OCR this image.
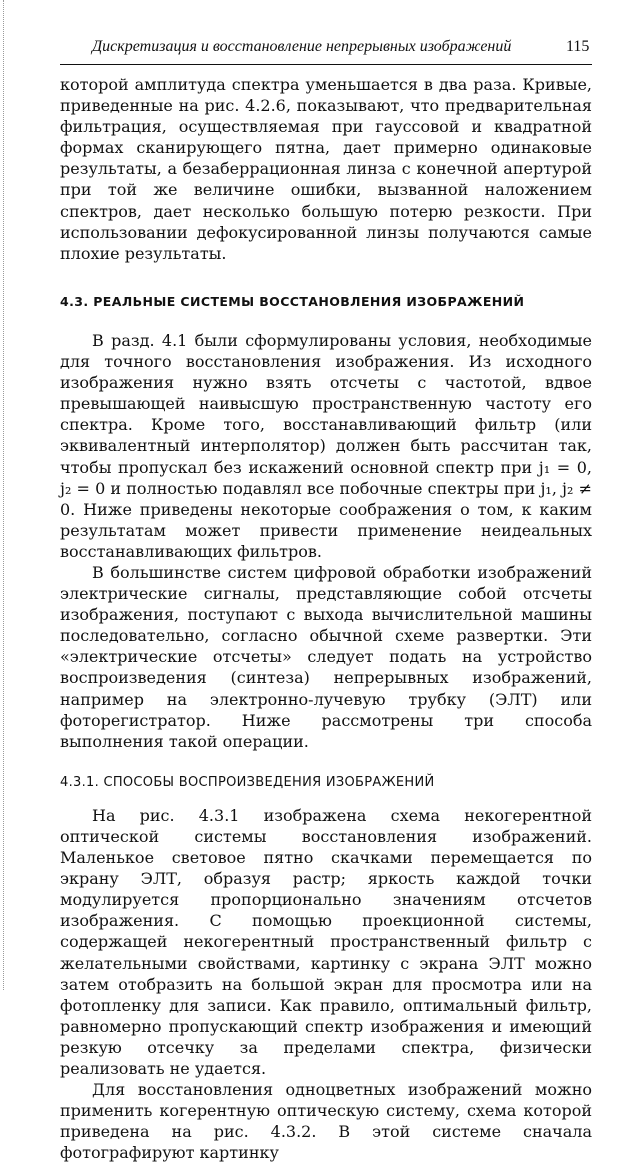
Дискретизация и восстановление непрерывных изображений	115

которой амплитуда спектра уменьшается в два раза. Кривые, приведенные на рис. 4.2.6, показывают, что предварительная фильтрация, осуществляемая при гауссовой и квадратной формах сканирующего пятна, дает примерно одинаковые результаты, а безаберрационная линза с конечной апертурой при той же величине ошибки, вызванной наложением спектров, дает несколько большую потерю резкости. При использовании дефокусированной линзы получаются самые плохие результаты.

4.3. РЕАЛЬНЫЕ СИСТЕМЫ ВОССТАНОВЛЕНИЯ ИЗОБРАЖЕНИЙ

В разд. 4.1 были сформулированы условия, необходимые для точного восстановления изображения. Из исходного изображения нужно взять отсчеты с частотой, вдвое превышающей наивысшую пространственную частоту его спектра. Кроме того, восстанавливающий фильтр (или эквивалентный интерполятор) должен быть рассчитан так, чтобы пропускал без искажений основной спектр при j₁ = 0, j₂ = 0 и полностью подавлял все побочные спектры при j₁, j₂ ≠ 0. Ниже приведены некоторые соображения о том, к каким результатам может привести применение неидеальных восстанавливающих фильтров.

В большинстве систем цифровой обработки изображений электрические сигналы, представляющие собой отсчеты изображения, поступают с выхода вычислительной машины последовательно, согласно обычной схеме развертки. Эти «электрические отсчеты» следует подать на устройство воспроизведения (синтеза) непрерывных изображений, например на электронно-лучевую трубку (ЭЛТ) или фоторегистратор. Ниже рассмотрены три способа выполнения такой операции.

4.3.1. СПОСОБЫ ВОСПРОИЗВЕДЕНИЯ ИЗОБРАЖЕНИЙ

На рис. 4.3.1 изображена схема некогерентной оптической системы восстановления изображений. Маленькое световое пятно скачками перемещается по экрану ЭЛТ, образуя растр; яркость каждой точки модулируется пропорционально значениям отсчетов изображения. С помощью проекционной системы, содержащей некогерентный пространственный фильтр с желательными свойствами, картинку с экрана ЭЛТ можно затем отобразить на большой экран для просмотра или на фотопленку для записи. Как правило, оптимальный фильтр, равномерно пропускающий спектр изображения и имеющий резкую отсечку за пределами спектра, физически реализовать не удается.

Для восстановления одноцветных изображений можно применить когерентную оптическую систему, схема которой приведена на рис. 4.3.2. В этой системе сначала фотографируют картинку
